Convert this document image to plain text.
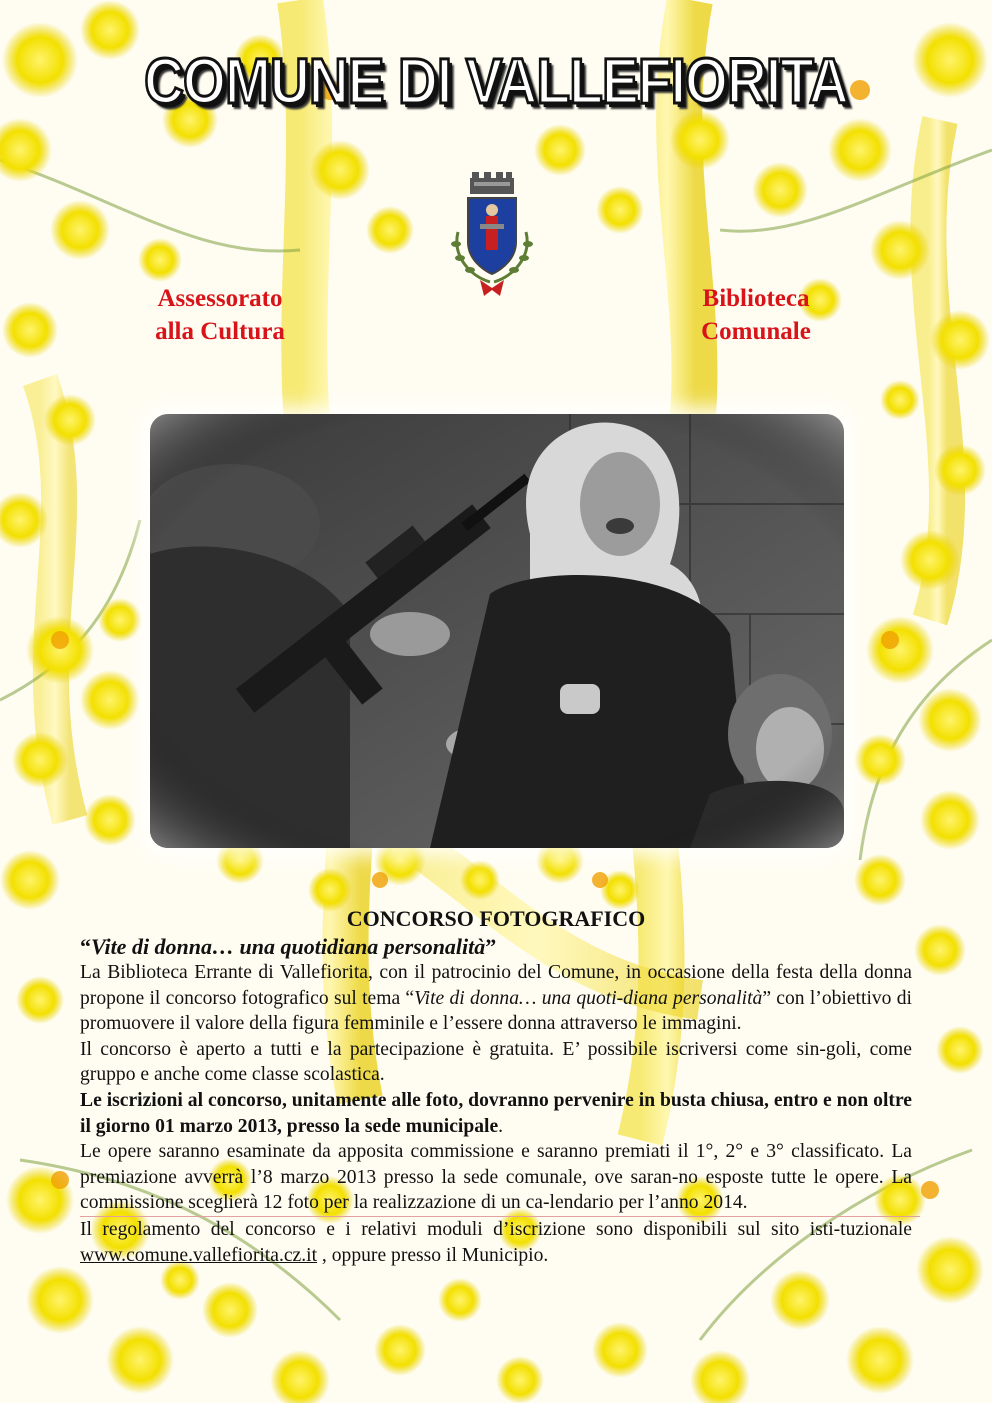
COMUNE DI VALLEFIORITA
Assessorato
alla Cultura
Biblioteca
Comunale
CONCORSO FOTOGRAFICO

“Vite di donna… una quotidiana personalità”

La Biblioteca Errante di Vallefiorita, con il patrocinio del Comune, in occasione della festa della donna propone il concorso fotografico sul tema “Vite di donna… una quoti-diana personalità” con l’obiettivo di promuovere il valore della figura femminile e l’essere donna attraverso le immagini.

Il concorso è aperto a tutti e la partecipazione è gratuita. E’ possibile iscriversi come sin-goli, come gruppo e anche come classe scolastica.

Le iscrizioni al concorso, unitamente alle foto, dovranno pervenire in busta chiusa, entro e non oltre il giorno 01 marzo 2013, presso la sede municipale.

Le opere saranno esaminate da apposita commissione e saranno premiati il 1°, 2° e 3° classificato. La premiazione avverrà l’8 marzo 2013 presso la sede comunale, ove saran-no esposte tutte le opere. La commissione sceglierà 12 foto per la realizzazione di un ca-lendario per l’anno 2014.

Il regolamento del concorso e i relativi moduli d’iscrizione sono disponibili sul sito isti-tuzionale www.comune.vallefiorita.cz.it , oppure presso il Municipio.
